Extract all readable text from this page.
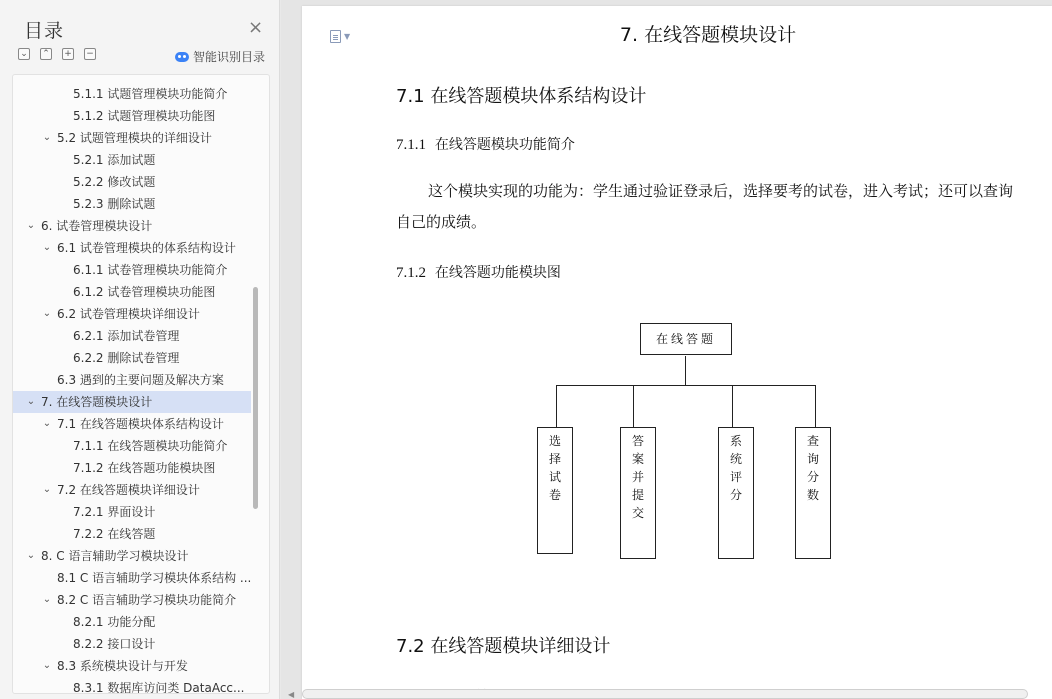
目录	×
⌄ ⌃ + −	智能识别目录
5.1.1 试题管理模块功能简介
5.1.2 试题管理模块功能图
⌄ 5.2 试题管理模块的详细设计
5.2.1 添加试题
5.2.2 修改试题
5.2.3 删除试题
⌄ 6. 试卷管理模块设计
⌄ 6.1 试卷管理模块的体系结构设计
6.1.1 试卷管理模块功能简介
6.1.2 试卷管理模块功能图
⌄ 6.2 试卷管理模块详细设计
6.2.1 添加试卷管理
6.2.2 删除试卷管理
6.3 遇到的主要问题及解决方案
⌄ 7. 在线答题模块设计
⌄ 7.1 在线答题模块体系结构设计
7.1.1 在线答题模块功能简介
7.1.2 在线答题功能模块图
⌄ 7.2 在线答题模块详细设计
7.2.1 界面设计
7.2.2 在线答题
⌄ 8. C 语言辅助学习模块设计
8.1 C 语言辅助学习模块体系结构 ...
⌄ 8.2 C 语言辅助学习模块功能简介
8.2.1 功能分配
8.2.2 接口设计
⌄ 8.3 系统模块设计与开发
8.3.1 数据库访问类 DataAcc...
▼	7. 在线答题模块设计
7.1 在线答题模块体系结构设计
7.1.1 在线答题模块功能简介
这个模块实现的功能为：学生通过验证登录后，选择要考的试卷，进入考试；还可以查询自己的成绩。
7.1.2 在线答题功能模块图
在线答题
选
择
试
卷
答
案
并
提
交
系
统
评
分
查
询
分
数
7.2 在线答题模块详细设计
◀
